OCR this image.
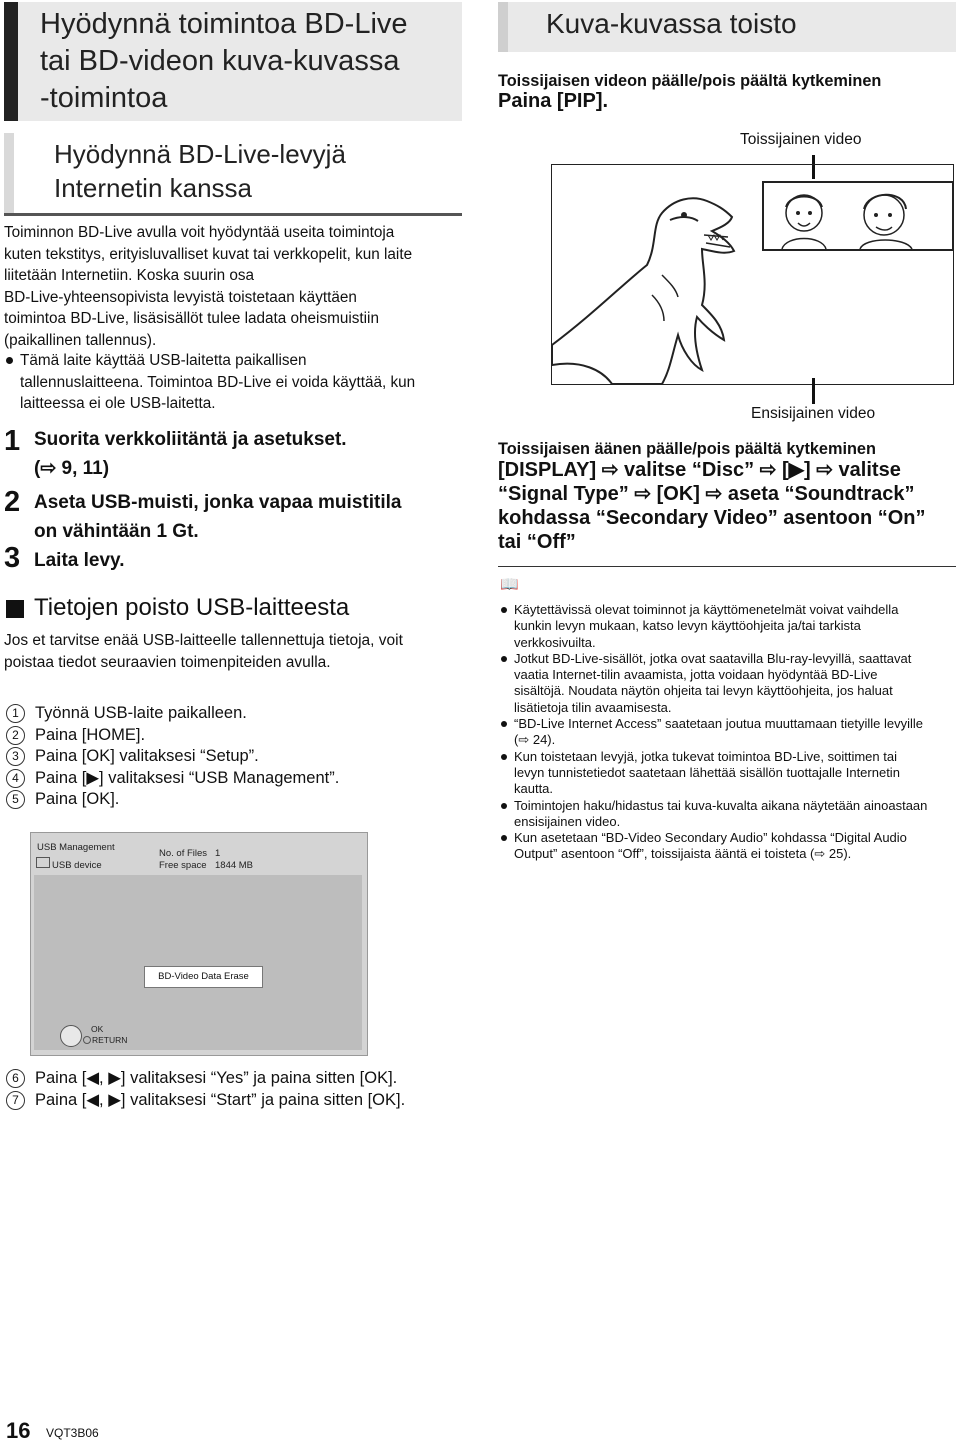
Hyödynnä toimintoa BD-Live
tai BD-videon kuva-kuvassa
-toimintoa
Hyödynnä BD-Live-levyjä
Internetin kanssa
Toiminnon BD-Live avulla voit hyödyntää useita toimintoja
kuten tekstitys, erityisluvalliset kuvat tai verkkopelit, kun laite
liitetään Internetiin. Koska suurin osa
BD-Live-yhteensopivista levyistä toistetaan käyttäen
toimintoa BD-Live, lisäsisällöt tulee ladata oheismuistiin
(paikallinen tallennus).
Tämä laite käyttää USB-laitetta paikallisen
tallennuslaitteena. Toimintoa BD-Live ei voida käyttää, kun
laitteessa ei ole USB-laitetta.
1 Suorita verkkoliitäntä ja asetukset.
(⇨ 9, 11)
2 Aseta USB-muisti, jonka vapaa muistitila
on vähintään 1 Gt.
3 Laita levy.
Tietojen poisto USB-laitteesta
Jos et tarvitse enää USB-laitteelle tallennettuja tietoja, voit
poistaa tiedot seuraavien toimenpiteiden avulla.
1 Työnnä USB-laite paikalleen.
2 Paina [HOME].
3 Paina [OK] valitaksesi “Setup”.
4 Paina [▶] valitaksesi “USB Management”.
5 Paina [OK].
USB Management
USB device
No. of Files 1
Free space 1844 MB
BD-Video Data Erase
OK
RETURN
6 Paina [◀, ▶] valitaksesi “Yes” ja paina sitten [OK].
7 Paina [◀, ▶] valitaksesi “Start” ja paina sitten [OK].
Kuva-kuvassa toisto
Toissijaisen videon päälle/pois päältä kytkeminen
Paina [PIP].
Toissijainen video
Ensisijainen video
Toissijaisen äänen päälle/pois päältä kytkeminen
[DISPLAY] ⇨ valitse “Disc” ⇨ [▶] ⇨ valitse
“Signal Type” ⇨ [OK] ⇨ aseta “Soundtrack”
kohdassa “Secondary Video” asentoon “On”
tai “Off”
📖
Käytettävissä olevat toiminnot ja käyttömenetelmät voivat vaihdella
kunkin levyn mukaan, katso levyn käyttöohjeita ja/tai tarkista
verkkosivuilta.
Jotkut BD-Live-sisällöt, jotka ovat saatavilla Blu-ray-levyillä, saattavat
vaatia Internet-tilin avaamista, jotta voidaan hyödyntää BD-Live
sisältöjä. Noudata näytön ohjeita tai levyn käyttöohjeita, jos haluat
lisätietoja tilin avaamisesta.
“BD-Live Internet Access” saatetaan joutua muuttamaan tietyille levyille
(⇨ 24).
Kun toistetaan levyjä, jotka tukevat toimintoa BD-Live, soittimen tai
levyn tunnistetiedot saatetaan lähettää sisällön tuottajalle Internetin
kautta.
Toimintojen haku/hidastus tai kuva-kuvalta aikana näytetään ainoastaan
ensisijainen video.
Kun asetetaan “BD-Video Secondary Audio” kohdassa “Digital Audio
Output” asentoon “Off”, toissijaista ääntä ei toisteta (⇨ 25).
16 VQT3B06
